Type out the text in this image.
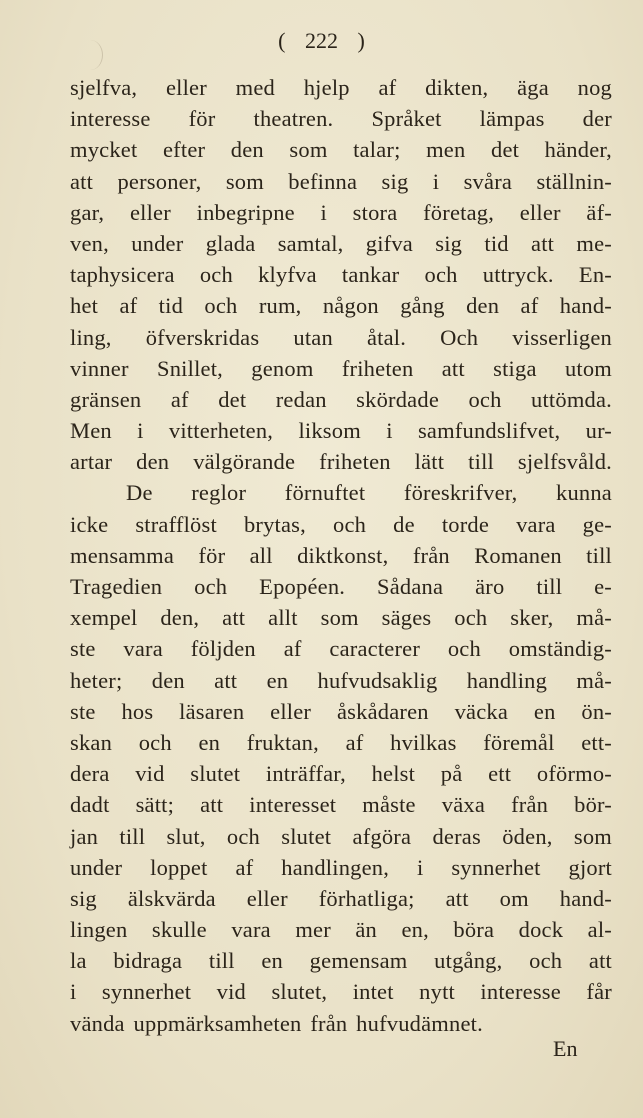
( 222 )
sjelfva, eller med hjelp af dikten, äga nog
interesse för theatren. Språket lämpas der
mycket efter den som talar; men det händer,
att personer, som befinna sig i svåra ställnin-
gar, eller inbegripne i stora företag, eller äf-
ven, under glada samtal, gifva sig tid att me-
taphysicera och klyfva tankar och uttryck. En-
het af tid och rum, någon gång den af hand-
ling, öfverskridas utan åtal. Och visserligen
vinner Snillet, genom friheten att stiga utom
gränsen af det redan skördade och uttömda.
Men i vitterheten, liksom i samfundslifvet, ur-
artar den välgörande friheten lätt till sjelfsvåld.
De reglor förnuftet föreskrifver, kunna
icke strafflöst brytas, och de torde vara ge-
mensamma för all diktkonst, från Romanen till
Tragedien och Epopéen. Sådana äro till e-
xempel den, att allt som säges och sker, må-
ste vara följden af caracterer och omständig-
heter; den att en hufvudsaklig handling må-
ste hos läsaren eller åskådaren väcka en ön-
skan och en fruktan, af hvilkas föremål ett-
dera vid slutet inträffar, helst på ett oförmo-
dadt sätt; att interesset måste växa från bör-
jan till slut, och slutet afgöra deras öden, som
under loppet af handlingen, i synnerhet gjort
sig älskvärda eller förhatliga; att om hand-
lingen skulle vara mer än en, böra dock al-
la bidraga till en gemensam utgång, och att
i synnerhet vid slutet, intet nytt interesse får
vända uppmärksamheten från hufvudämnet.
En
